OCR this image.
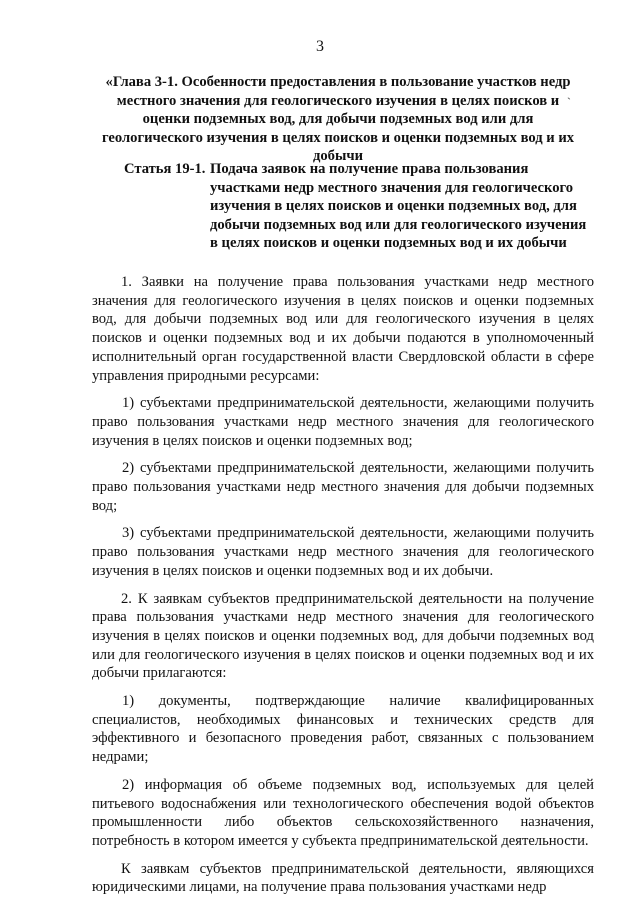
3
ˏ
«Глава 3-1. Особенности предоставления в пользование участков недр местного значения для геологического изучения в целях поисков и оценки подземных вод, для добычи подземных вод или для геологического изучения в целях поисков и оценки подземных вод и их добычи
Статья 19-1. Подача заявок на получение права пользования участками недр местного значения для геологического изучения в целях поисков и оценки подземных вод, для добычи подземных вод или для геологического изучения в целях поисков и оценки подземных вод и их добычи

1. Заявки на получение права пользования участками недр местного значения для геологического изучения в целях поисков и оценки подземных вод, для добычи подземных вод или для геологического изучения в целях поисков и оценки подземных вод и их добычи подаются в уполномоченный исполнительный орган государственной власти Свердловской области в сфере управления природными ресурсами:

1) субъектами предпринимательской деятельности, желающими получить право пользования участками недр местного значения для геологического изучения в целях поисков и оценки подземных вод;

2) субъектами предпринимательской деятельности, желающими получить право пользования участками недр местного значения для добычи подземных вод;

3) субъектами предпринимательской деятельности, желающими получить право пользования участками недр местного значения для геологического изучения в целях поисков и оценки подземных вод и их добычи.

2. К заявкам субъектов предпринимательской деятельности на получение права пользования участками недр местного значения для геологического изучения в целях поисков и оценки подземных вод, для добычи подземных вод или для геологического изучения в целях поисков и оценки подземных вод и их добычи прилагаются:

1) документы, подтверждающие наличие квалифицированных специалистов, необходимых финансовых и технических средств для эффективного и безопасного проведения работ, связанных с пользованием недрами;

2) информация об объеме подземных вод, используемых для целей питьевого водоснабжения или технологического обеспечения водой объектов промышленности либо объектов сельскохозяйственного назначения, потребность в котором имеется у субъекта предпринимательской деятельности.

К заявкам субъектов предпринимательской деятельности, являющихся юридическими лицами, на получение права пользования участками недр
